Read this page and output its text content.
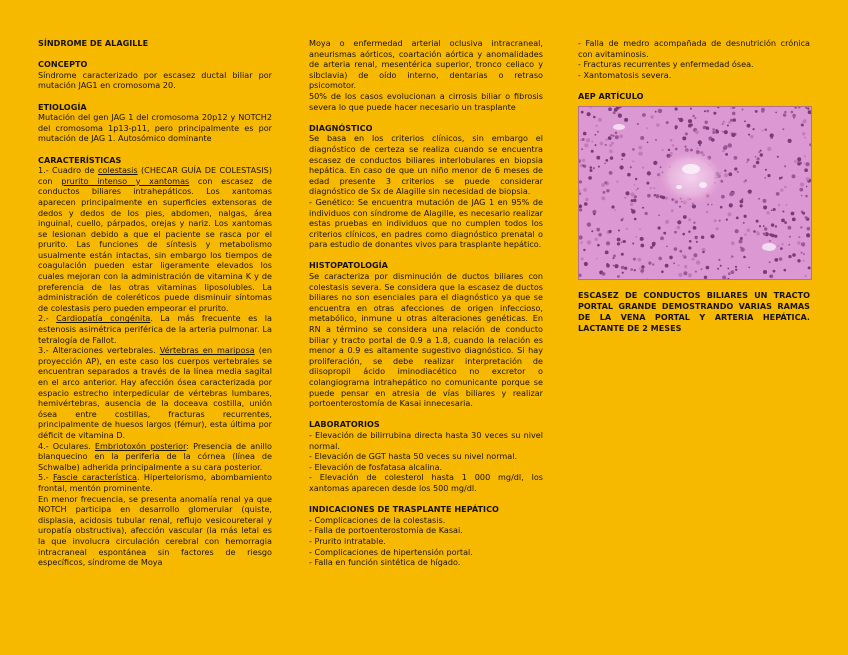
SÍNDROME DE ALAGILLE

CONCEPTO

Síndrome caracterizado por escasez ductal biliar por mutación JAG1 en cromosoma 20.

ETIOLOGÍA

Mutación del gen JAG 1 del cromosoma 20p12 y NOTCH2 del cromosoma 1p13-p11, pero principalmente es por mutación de JAG 1. Autosómico dominante

CARACTERÍSTICAS

1.- Cuadro de colestasis (CHECAR GUÍA DE COLESTASIS) con prurito intenso y xantomas con escasez de conductos biliares intrahepáticos. Los xantomas aparecen principalmente en superficies extensoras de dedos y dedos de los pies, abdomen, nalgas, área inguinal, cuello, párpados, orejas y nariz. Los xantomas se lesionan debido a que el paciente se rasca por el prurito. Las funciones de síntesis y metabolismo usualmente están intactas, sin embargo los tiempos de coagulación pueden estar ligeramente elevados los cuales mejoran con la administración de vitamina K y de preferencia de las otras vitaminas liposolubles. La administración de coleréticos puede disminuir síntomas de colestasis pero pueden empeorar el prurito.

2.- Cardiopatía congénita. La más frecuente es la estenosis asimétrica periférica de la arteria pulmonar. La tetralogía de Fallot.

3.- Alteraciones vertebrales. Vértebras en mariposa (en proyección AP), en este caso los cuerpos vertebrales se encuentran separados a través de la línea media sagital en el arco anterior. Hay afección ósea caracterizada por espacio estrecho interpedicular de vértebras lumbares, hemivértebras, ausencia de la doceava costilla, unión ósea entre costillas, fracturas recurrentes, principalmente de huesos largos (fémur), esta última por déficit de vitamina D.

4.- Oculares. Embriotoxón posterior: Presencia de anillo blanquecino en la periferia de la córnea (línea de Schwalbe) adherida principalmente a su cara posterior.

5.- Fascie característica. Hipertelorismo, abombamiento frontal, mentón prominente.

En menor frecuencia, se presenta anomalía renal ya que NOTCH participa en desarrollo glomerular (quiste, displasia, acidosis tubular renal, reflujo vesicoureteral y uropatía obstructiva), afección vascular (la más letal es la que involucra circulación cerebral con hemorragia intracraneal espontánea sin factores de riesgo específicos, síndrome de Moya

Moya o enfermedad arterial oclusiva intracraneal, aneurismas aórticos, coartación aórtica y anomalidades de arteria renal, mesentérica superior, tronco celiaco y sibclavia) de oído interno, dentarias o retraso psicomotor.

50% de los casos evolucionan a cirrosis biliar o fibrosis severa lo que puede hacer necesario un trasplante

DIAGNÓSTICO

Se basa en los criterios clínicos, sin embargo el diagnóstico de certeza se realiza cuando se encuentra escasez de conductos biliares interlobulares en biopsia hepática. En caso de que un niño menor de 6 meses de edad presente 3 criterios se puede considerar diagnóstico de Sx de Alagille sin necesidad de biopsia.

- Genético: Se encuentra mutación de JAG 1 en 95% de individuos con síndrome de Alagille, es necesario realizar estas pruebas en individuos que no cumplen todos los criterios clínicos, en padres como diagnóstico prenatal o para estudio de donantes vivos para trasplante hepático.

HISTOPATOLOGÍA

Se caracteriza por disminución de ductos biliares con colestasis severa. Se considera que la escasez de ductos biliares no son esenciales para el diagnóstico ya que se encuentra en otras afecciones de origen infeccioso, metabólico, inmune u otras alteraciones genéticas. En RN a término se considera una relación de conducto biliar y tracto portal de 0.9 a 1.8, cuando la relación es menor a 0.9 es altamente sugestivo diagnóstico. Si hay proliferación, se debe realizar interpretación de diisopropil ácido iminodiacético no excretor o colangiograma intrahepático no comunicante porque se puede pensar en atresia de vías biliares y realizar portoenterostomía de Kasai innecesaria.

LABORATORIOS

- Elevación de bilirrubina directa hasta 30 veces su nivel normal.

- Elevación de GGT hasta 50 veces su nivel normal.

- Elevación de fosfatasa alcalina.

- Elevación de colesterol hasta 1 000 mg/dl, los xantomas aparecen desde los 500 mg/dl.

INDICACIONES DE TRASPLANTE HEPÁTICO

- Complicaciones de la colestasis.

- Falla de portoenterostomía de Kasai.

- Prurito intratable.

- Complicaciones de hipertensión portal.

- Falla en función sintética de hígado.

- Falla de medro acompañada de desnutrición crónica con avitaminosis.

- Fracturas recurrentes y enfermedad ósea.

- Xantomatosis severa.

AEP ARTÍCULO

ESCASEZ DE CONDUCTOS BILIARES UN TRACTO PORTAL GRANDE DEMOSTRANDO VARIAS RAMAS DE LA VENA PORTAL Y ARTERIA HEPÁTICA. LACTANTE DE 2 MESES
